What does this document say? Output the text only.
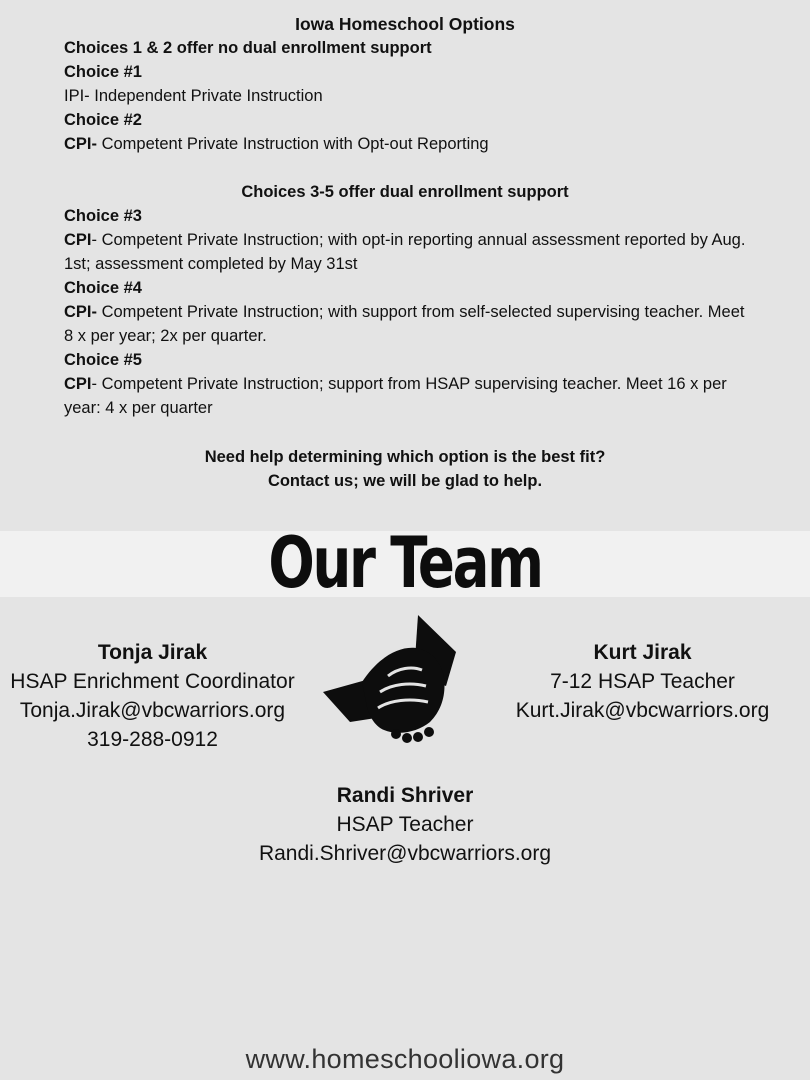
Iowa Homeschool Options
Choices 1 & 2 offer no dual enrollment support
Choice #1
IPI- Independent Private Instruction
Choice #2
CPI- Competent Private Instruction with Opt-out Reporting
Choices 3-5 offer dual enrollment support
Choice #3
CPI- Competent Private Instruction; with opt-in reporting annual assessment reported by Aug. 1st; assessment completed by May 31st
Choice #4
CPI- Competent Private Instruction; with support from self-selected supervising teacher. Meet 8 x per year; 2x per quarter.
Choice #5
CPI- Competent Private Instruction; support from HSAP supervising teacher. Meet 16 x per year: 4 x per quarter
Need help determining which option is the best fit?
Contact us; we will be glad to help.
Our Team
Tonja Jirak
HSAP Enrichment Coordinator
Tonja.Jirak@vbcwarriors.org
319-288-0912
Kurt Jirak
7-12 HSAP Teacher
Kurt.Jirak@vbcwarriors.org
Randi Shriver
HSAP Teacher
Randi.Shriver@vbcwarriors.org
www.homeschooliowa.org
